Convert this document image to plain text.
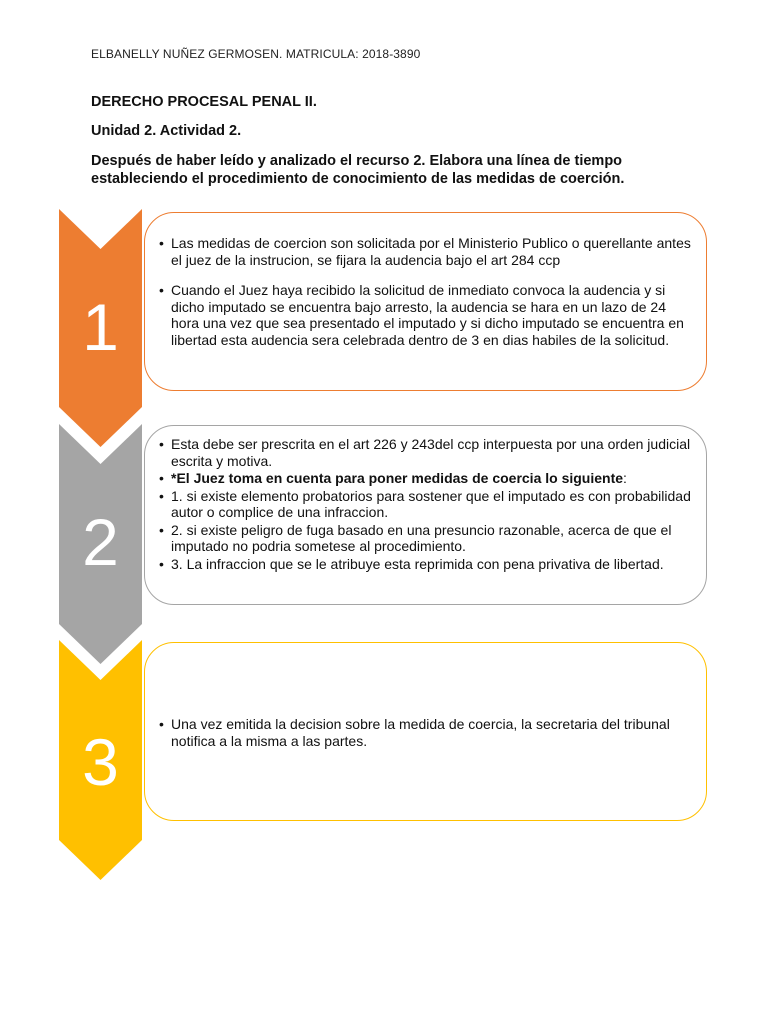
ELBANELLY NUÑEZ GERMOSEN. MATRICULA: 2018-3890
DERECHO PROCESAL PENAL II.
Unidad 2. Actividad 2.
Después de haber leído y analizado el recurso 2. Elabora una línea de tiempo estableciendo el procedimiento de conocimiento de las medidas de coerción.
1
• Las medidas de coercion son solicitada por el Ministerio Publico o querellante antes el juez de la instrucion, se fijara la audencia bajo el art 284 ccp
• Cuando el Juez haya recibido la solicitud de inmediato convoca la audencia y si dicho imputado se encuentra bajo arresto, la audencia se hara en un lazo de 24 hora una vez que sea presentado el imputado y si dicho imputado se encuentra en libertad esta audencia sera celebrada dentro de 3 en dias habiles de la solicitud.
2
• Esta debe ser prescrita en el art 226 y 243del ccp interpuesta por una orden judicial escrita y motiva.
• *El Juez toma en cuenta para poner medidas de coercia lo siguiente:
• 1. si existe elemento probatorios para sostener que el imputado es con probabilidad autor o complice de una infraccion.
• 2. si existe peligro de fuga basado en una presuncio razonable, acerca de que el imputado no podria sometese al procedimiento.
• 3. La infraccion que se le atribuye esta reprimida con pena privativa de libertad.
3
• Una vez emitida la decision sobre la medida de coercia, la secretaria del tribunal notifica a la misma a las partes.
